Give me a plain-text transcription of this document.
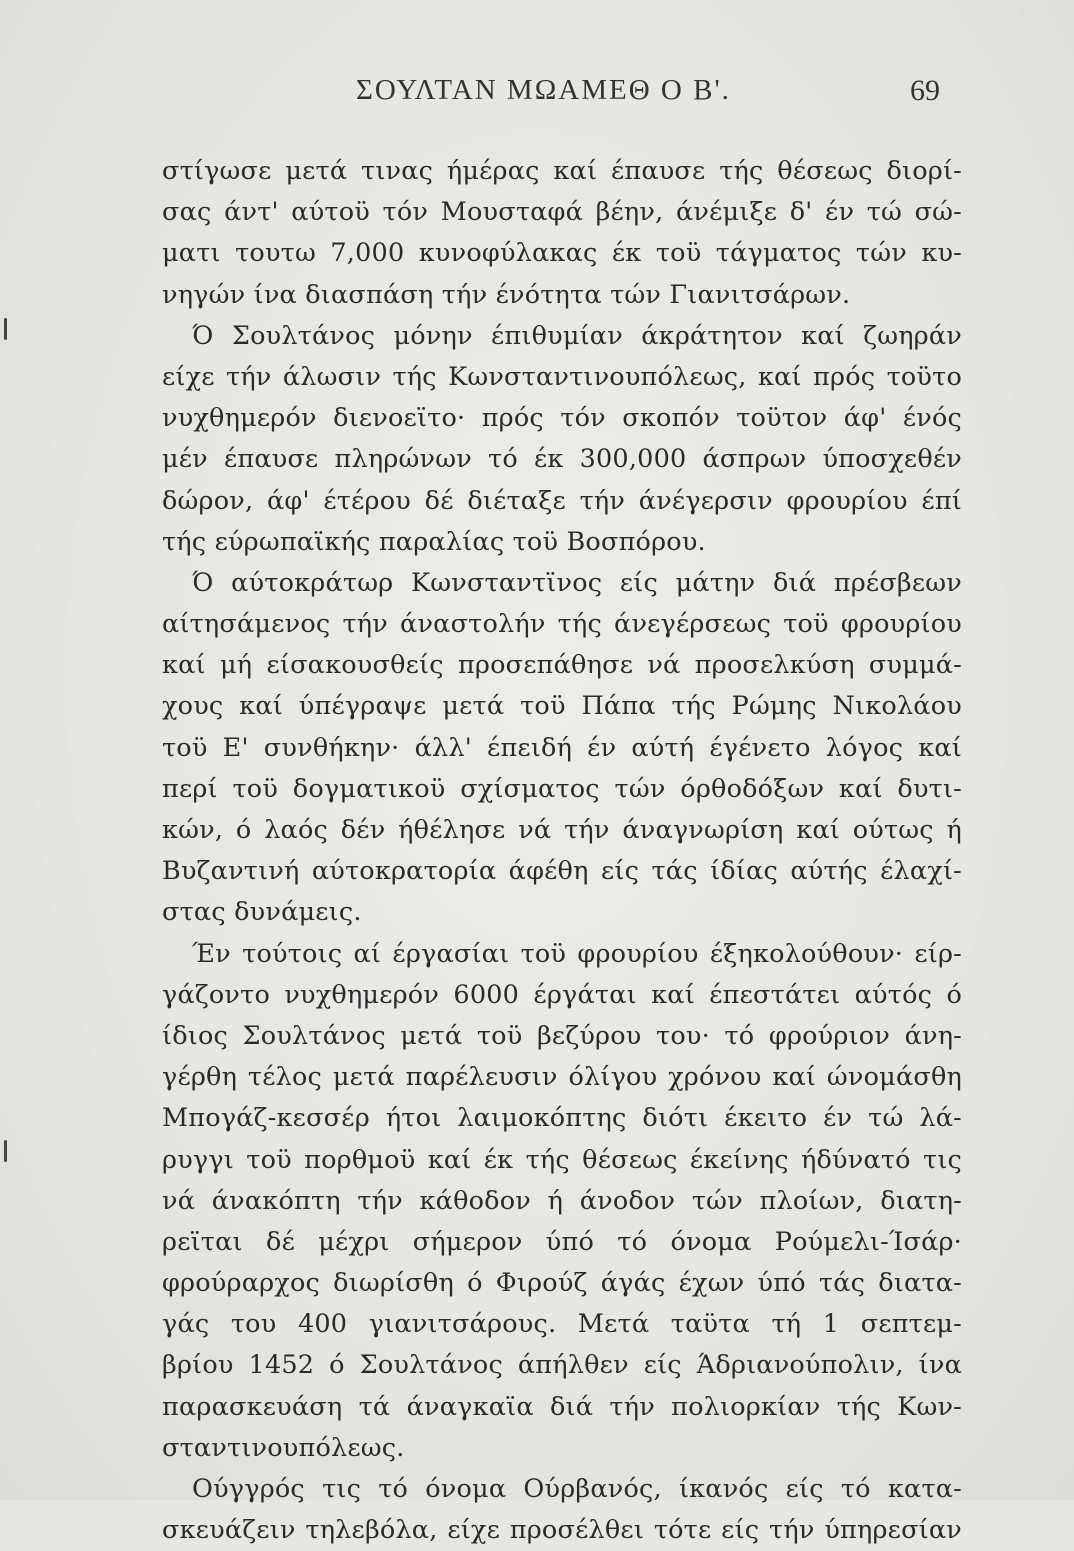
ΣΟΥΛΤΑΝ ΜΩΑΜΕΘ Ο Β'.	69
στίγωσε μετά τινας ήμέρας καί έπαυσε τής θέσεως διορί-
σας άντ' αύτοϋ τόν Μουσταφά βέην, άνέμιξε δ' έν τώ σώ-
ματι τουτω 7,000 κυνοφύλακας έκ τοϋ τάγματος τών κυ-
νηγών ίνα διασπάση τήν ένότητα τών Γιανιτσάρων.
Ό Σουλτάνος μόνην έπιθυμίαν άκράτητον καί ζωηράν
είχε τήν άλωσιν τής Κωνσταντινουπόλεως, καί πρός τοϋτο
νυχθημερόν διενοεϊτο· πρός τόν σκοπόν τοϋτον άφ' ένός
μέν έπαυσε πληρώνων τό έκ 300,000 άσπρων ύποσχεθέν
δώρον, άφ' έτέρου δέ διέταξε τήν άνέγερσιν φρουρίου έπί
τής εύρωπαϊκής παραλίας τοϋ Βοσπόρου.
Ό αύτοκράτωρ Κωνσταντϊνος είς μάτην διά πρέσβεων
αίτησάμενος τήν άναστολήν τής άνεγέρσεως τοϋ φρουρίου
καί μή είσακουσθείς προσεπάθησε νά προσελκύση συμμά-
χους καί ύπέγραψε μετά τοϋ Πάπα τής Ρώμης Νικολάου
τοϋ Ε' συνθήκην· άλλ' έπειδή έν αύτή έγένετο λόγος καί
περί τοϋ δογματικοϋ σχίσματος τών όρθοδόξων καί δυτι-
κών, ό λαός δέν ήθέλησε νά τήν άναγνωρίση καί ούτως ή
Βυζαντινή αύτοκρατορία άφέθη είς τάς ίδίας αύτής έλαχί-
στας δυνάμεις.
Έν τούτοις αί έργασίαι τοϋ φρουρίου έξηκολούθουν· είρ-
γάζοντο νυχθημερόν 6000 έργάται καί έπεστάτει αύτός ό
ίδιος Σουλτάνος μετά τοϋ βεζύρου του· τό φρούριον άνη-
γέρθη τέλος μετά παρέλευσιν όλίγου χρόνου καί ώνομάσθη
Μπογάζ-κεσσέρ ήτοι λαιμοκόπτης διότι έκειτο έν τώ λά-
ρυγγι τοϋ πορθμοϋ καί έκ τής θέσεως έκείνης ήδύνατό τις
νά άνακόπτη τήν κάθοδον ή άνοδον τών πλοίων, διατη-
ρεϊται δέ μέχρι σήμερον ύπό τό όνομα Ρούμελι-Ίσάρ·
φρούραρχος διωρίσθη ό Φιρούζ άγάς έχων ύπό τάς διατα-
γάς του 400 γιανιτσάρους. Μετά ταϋτα τή 1 σεπτεμ-
βρίου 1452 ό Σουλτάνος άπήλθεν είς Άδριανούπολιν, ίνα
παρασκευάση τά άναγκαϊα διά τήν πολιορκίαν τής Κων-
σταντινουπόλεως.
Ούγγρός τις τό όνομα Ούρβανός, ίκανός είς τό κατα-
σκευάζειν τηλεβόλα, είχε προσέλθει τότε είς τήν ύπηρεσίαν
